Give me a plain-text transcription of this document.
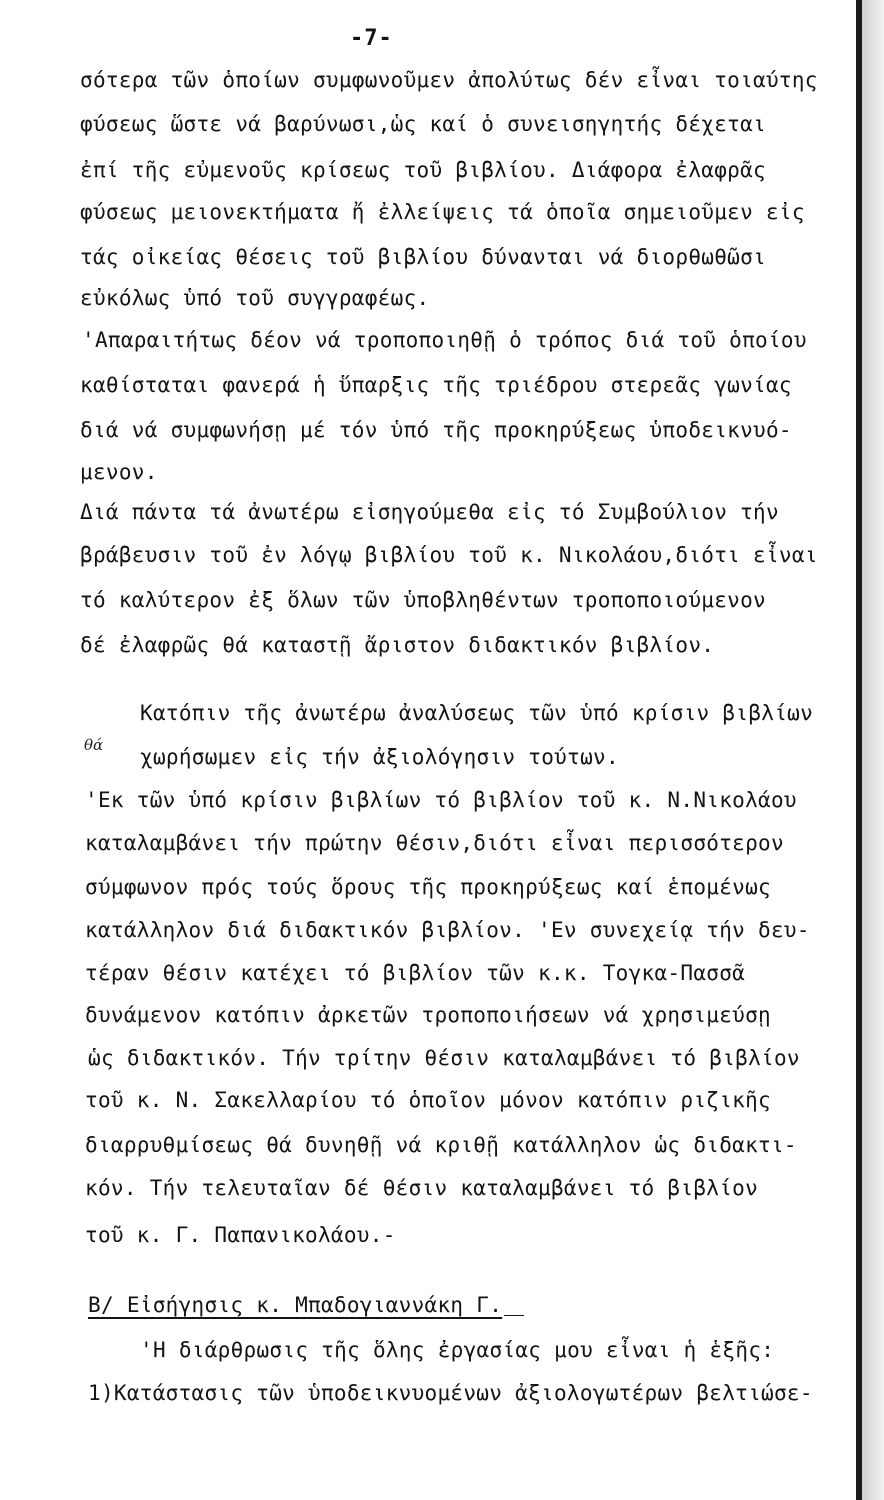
-7-
σότερα τῶν ὁποίων συμφωνοῦμεν ἀπολύτως δέν εἶναι τοιαύτης
φύσεως ὥστε νά βαρύνωσι,ὡς καί ὁ συνεισηγητής δέχεται
ἐπί τῆς εὐμενοῦς κρίσεως τοῦ βιβλίου. Διάφορα ἐλαφρᾶς
φύσεως μειονεκτήματα ἤ ἐλλείψεις τά ὁποῖα σημειοῦμεν εἰς
τάς οἰκείας θέσεις τοῦ βιβλίου δύνανται νά διορθωθῶσι
εὐκόλως ὑπό τοῦ συγγραφέως.
'Απαραιτήτως δέον νά τροποποιηθῇ ὁ τρόπος διά τοῦ ὁποίου
καθίσταται φανερά ἡ ὕπαρξις τῆς τριέδρου στερεᾶς γωνίας
διά νά συμφωνήσῃ μέ τόν ὑπό τῆς προκηρύξεως ὑποδεικνυό-
μενον.
Διά πάντα τά ἀνωτέρω εἰσηγούμεθα εἰς τό Συμβούλιον τήν
βράβευσιν τοῦ ἐν λόγῳ βιβλίου τοῦ κ. Νικολάου,διότι εἶναι
τό καλύτερον ἐξ ὅλων τῶν ὑποβληθέντων τροποποιούμενον
δέ ἐλαφρῶς θά καταστῇ ἄριστον διδακτικόν βιβλίον.
Κατόπιν τῆς ἀνωτέρω ἀναλύσεως τῶν ὑπό κρίσιν βιβλίων
θά χωρήσωμεν εἰς τήν ἀξιολόγησιν τούτων.
'Εκ τῶν ὑπό κρίσιν βιβλίων τό βιβλίον τοῦ κ. Ν.Νικολάου
καταλαμβάνει τήν πρώτην θέσιν,διότι εἶναι περισσότερον
σύμφωνον πρός τούς ὅρους τῆς προκηρύξεως καί ἑπομένως
κατάλληλον διά διδακτικόν βιβλίον. 'Εν συνεχείᾳ τήν δευ-
τέραν θέσιν κατέχει τό βιβλίον τῶν κ.κ. Τογκα-Πασσᾶ
δυνάμενον κατόπιν ἀρκετῶν τροποποιήσεων νά χρησιμεύσῃ
ὡς διδακτικόν. Τήν τρίτην θέσιν καταλαμβάνει τό βιβλίον
τοῦ κ. Ν. Σακελλαρίου τό ὁποῖον μόνον κατόπιν ριζικῆς
διαρρυθμίσεως θά δυνηθῇ νά κριθῇ κατάλληλον ὡς διδακτι-
κόν. Τήν τελευταῖαν δέ θέσιν καταλαμβάνει τό βιβλίον
τοῦ κ. Γ. Παπανικολάου.-
Β/ Εἰσήγησις κ. Μπαδογιαννάκη Γ.
'Η διάρθρωσις τῆς ὅλης ἐργασίας μου εἶναι ἡ ἑξῆς:
1)Κατάστασις τῶν ὑποδεικνυομένων ἀξιολογωτέρων βελτιώσε-
